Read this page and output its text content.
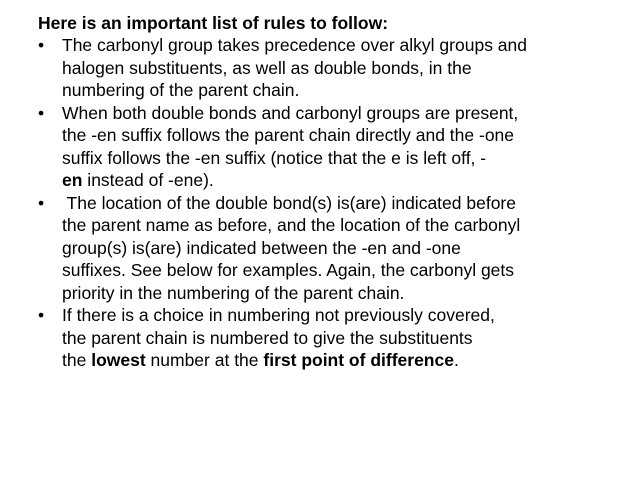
Here is an important list of rules to follow:

•	The carbonyl group takes precedence over alkyl groups and
halogen substituents, as well as double bonds, in the
numbering of the parent chain.
•	When both double bonds and carbonyl groups are present,
the -en suffix follows the parent chain directly and the -one
suffix follows the -en suffix (notice that the e is left off, -
en instead of -ene).
•	The location of the double bond(s) is(are) indicated before
the parent name as before, and the location of the carbonyl
group(s) is(are) indicated between the -en and -one
suffixes. See below for examples. Again, the carbonyl gets
priority in the numbering of the parent chain.
•	If there is a choice in numbering not previously covered,
the parent chain is numbered to give the substituents
the lowest number at the first point of difference.
